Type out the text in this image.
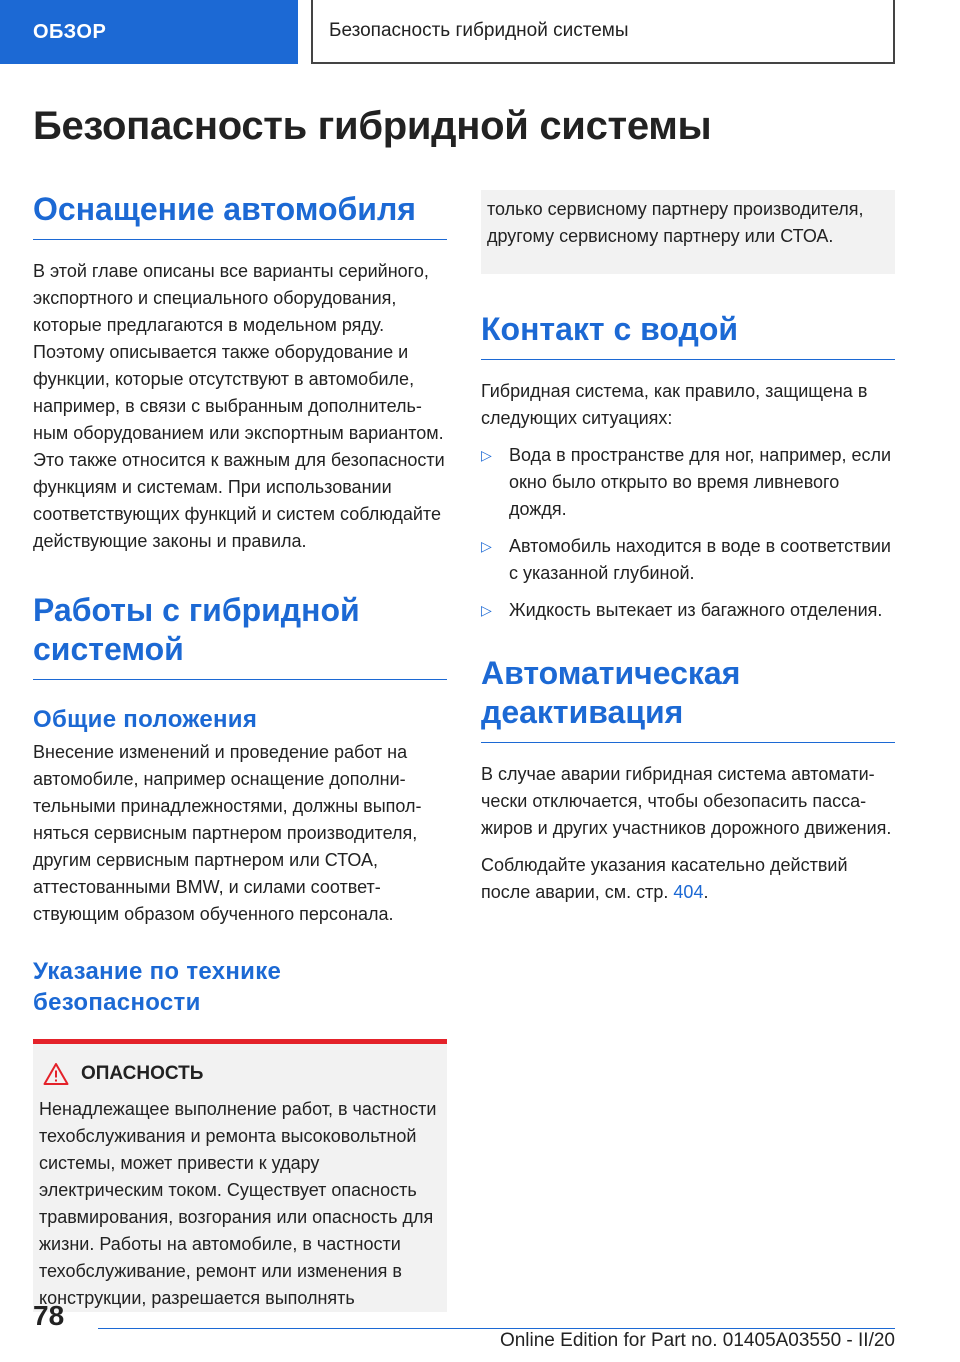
ОБЗОР	Безопасность гибридной системы
Безопасность гибридной системы
Оснащение автомобиля

В этой главе описаны все варианты серийного, экспортного и специального оборудования, которые предлагаются в модельном ряду. Поэтому описывается также оборудование и функции, которые отсутствуют в автомобиле, например, в связи с выбранным дополнительным оборудованием или экспортным вариантом. Это также относится к важным для безопасности функциям и системам. При использовании соответствующих функций и систем соблюдайте действующие законы и правила.

Работы с гибридной системой
Общие положения

Внесение изменений и проведение работ на автомобиле, например оснащение дополнительными принадлежностями, должны выполняться сервисным партнером производителя, другим сервисным партнером или СТОА, аттестованными BMW, и силами соответствующим образом обученного персонала.

Указание по технике безопасности
ОПАСНОСТЬ

Ненадлежащее выполнение работ, в частности техобслуживания и ремонта высоковольтной системы, может привести к удару электрическим током. Существует опасность травмирования, возгорания или опасность для жизни. Работы на автомобиле, в частности техобслуживание, ремонт или изменения в конструкции, разрешается выполнять

только сервисному партнеру производителя, другому сервисному партнеру или СТОА.

Контакт с водой

Гибридная система, как правило, защищена в следующих ситуациях:

▷ Вода в пространстве для ног, например, если окно было открыто во время ливневого дождя.

▷ Автомобиль находится в воде в соответствии с указанной глубиной.

▷ Жидкость вытекает из багажного отделения.

Автоматическая деактивация

В случае аварии гибридная система автоматически отключается, чтобы обезопасить пассажиров и других участников дорожного движения.

Соблюдайте указания касательно действий после аварии, см. стр. 404.

78
Online Edition for Part no. 01405A03550 - II/20
